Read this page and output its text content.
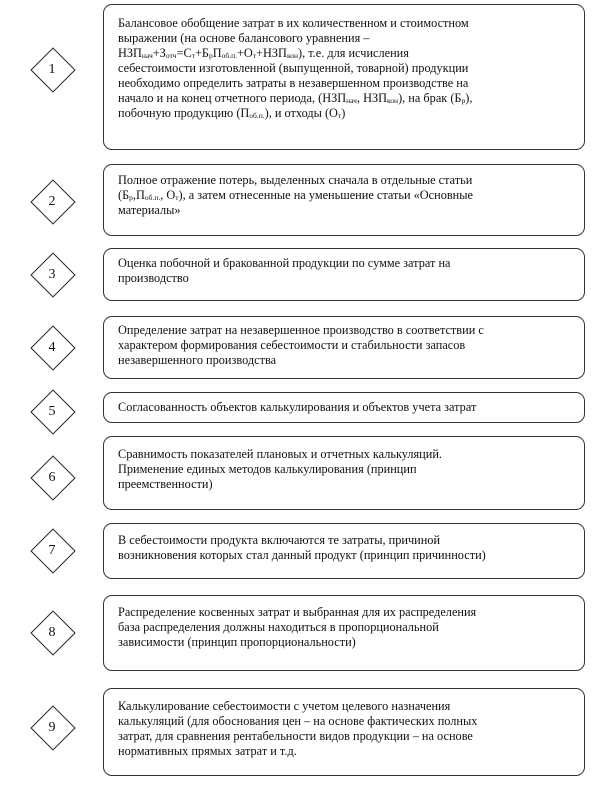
1
Балансовое обобщение затрат в их количественном и стоимостном
выражении (на основе балансового уравнения –
$НЗП_{нач}+З_{отч}=С_т+Б_рП_{об.п.}+О_т+НЗП_{кон}$), т.е. для исчисления
себестоимости изготовленной (выпущенной, товарной) продукции
необходимо определить затраты в незавершенном производстве на
начало и на конец отчетного периода, ($НЗП_{нач}$, $НЗП_{кон}$), на брак $(Б_р)$,
побочную продукцию $(П_{об.п.})$, и отходы $(О_т)$
2
Полное отражение потерь, выделенных сначала в отдельные статьи
($Б_р,П_{об.п.}$, $О_т$), а затем отнесенные на уменьшение статьи «Основные
материалы»
3
Оценка побочной и бракованной продукции по сумме затрат на
производство
4
Определение затрат на незавершенное производство в соответствии с
характером формирования себестоимости и стабильности запасов
незавершенного производства
5	Согласованность объектов калькулирования и объектов учета затрат
6
Сравнимость показателей плановых и отчетных калькуляций.
Применение единых методов калькулирования (принцип
преемственности)
7
В себестоимости продукта включаются те затраты, причиной
возникновения которых стал данный продукт (принцип причинности)
8
Распределение косвенных затрат и выбранная для их распределения
база распределения должны находиться в пропорциональной
зависимости (принцип пропорциональности)
9
Калькулирование себестоимости с учетом целевого назначения
калькуляций (для обоснования цен – на основе фактических полных
затрат, для сравнения рентабельности видов продукции – на основе
нормативных прямых затрат и т.д.
